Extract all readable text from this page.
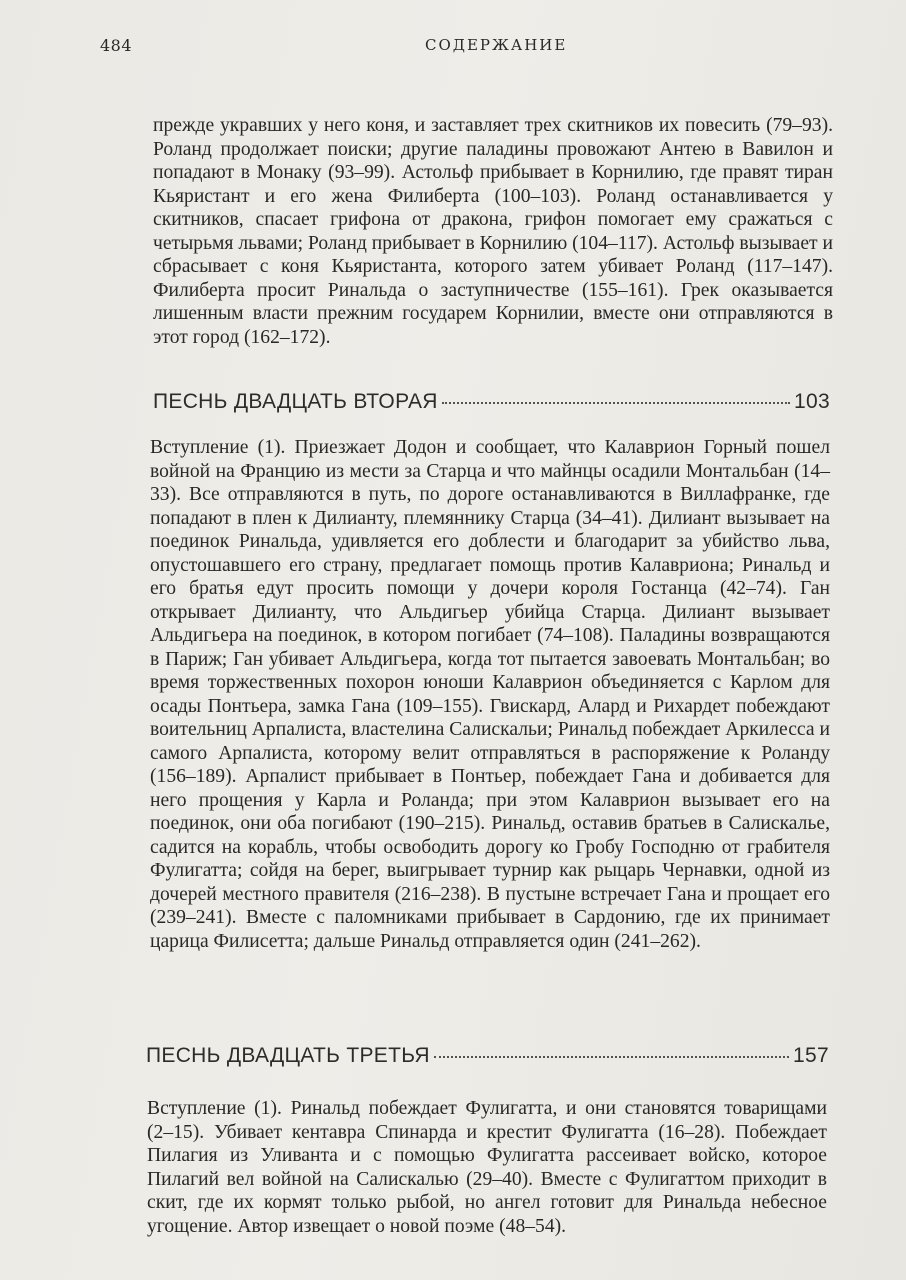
484	СОДЕРЖАНИЕ

прежде укравших у него коня, и заставляет трех скитников их повесить (79–93). Роланд продолжает поиски; другие паладины провожают Антею в Вавилон и попадают в Монаку (93–99). Астольф прибывает в Корнилию, где правят тиран Кьяристант и его жена Филиберта (100–103). Роланд останавливается у скитников, спасает грифона от дракона, грифон помогает ему сражаться с четырьмя львами; Роланд прибывает в Корнилию (104–117). Астольф вызывает и сбрасывает с коня Кьяристанта, которого затем убивает Роланд (117–147). Филиберта просит Ринальда о заступничестве (155–161). Грек оказывается лишенным власти прежним государем Корнилии, вместе они отправляются в этот город (162–172).

ПЕСНЬ ДВАДЦАТЬ ВТОРАЯ	103

Вступление (1). Приезжает Додон и сообщает, что Калаврион Горный пошел войной на Францию из мести за Старца и что майнцы осадили Монтальбан (14–33). Все отправляются в путь, по дороге останавливаются в Виллафранке, где попадают в плен к Дилианту, племяннику Старца (34–41). Дилиант вызывает на поединок Ринальда, удивляется его доблести и благодарит за убийство льва, опустошавшего его страну, предлагает помощь против Калавриона; Ринальд и его братья едут просить помощи у дочери короля Гостанца (42–74). Ган открывает Дилианту, что Альдигьер убийца Старца. Дилиант вызывает Альдигьера на поединок, в котором погибает (74–108). Паладины возвращаются в Париж; Ган убивает Альдигьера, когда тот пытается завоевать Монтальбан; во время торжественных похорон юноши Калаврион объединяется с Карлом для осады Понтьера, замка Гана (109–155). Гвискард, Алард и Рихардет побеждают воительниц Арпалиста, властелина Салискальи; Ринальд побеждает Аркилесса и самого Арпалиста, которому велит отправляться в распоряжение к Роланду (156–189). Арпалист прибывает в Понтьер, побеждает Гана и добивается для него прощения у Карла и Роланда; при этом Калаврион вызывает его на поединок, они оба погибают (190–215). Ринальд, оставив братьев в Салискалье, садится на корабль, чтобы освободить дорогу ко Гробу Господню от грабителя Фулигатта; сойдя на берег, выигрывает турнир как рыцарь Чернавки, одной из дочерей местного правителя (216–238). В пустыне встречает Гана и прощает его (239–241). Вместе с паломниками прибывает в Сардонию, где их принимает царица Филисетта; дальше Ринальд отправляется один (241–262).

ПЕСНЬ ДВАДЦАТЬ ТРЕТЬЯ	157

Вступление (1). Ринальд побеждает Фулигатта, и они становятся товарищами (2–15). Убивает кентавра Спинарда и крестит Фулигатта (16–28). Побеждает Пилагия из Уливанта и с помощью Фулигатта рассеивает войско, которое Пилагий вел войной на Салискалью (29–40). Вместе с Фулигаттом приходит в скит, где их кормят только рыбой, но ангел готовит для Ринальда небесное угощение. Автор извещает о новой поэме (48–54).
